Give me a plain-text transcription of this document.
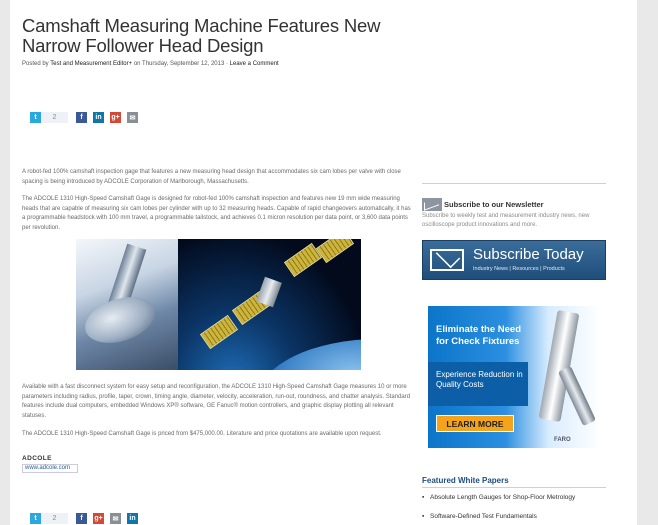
Camshaft Measuring Machine Features New Narrow Follower Head Design
Posted by Test and Measurement Editor+ on Thursday, September 12, 2013 · Leave a Comment
t	2	f	in	g+	✉

A robot-fed 100% camshaft inspection gage that features a new measuring head design that accommodates six cam lobes per valve with close spacing is being introduced by ADCOLE Corporation of Marlborough, Massachusetts.

The ADCOLE 1310 High-Speed Camshaft Gage is designed for robot-fed 100% camshaft inspection and features new 19 mm wide measuring heads that are capable of measuring six cam lobes per cylinder with up to 32 measuring heads. Capable of rapid changeovers automatically, it has a programmable headstock with 100 mm travel, a programmable tailstock, and achieves 0.1 micron resolution per data point, or 3,600 data points per revolution.

Available with a fast disconnect system for easy setup and reconfiguration, the ADCOLE 1310 High-Speed Camshaft Gage measures 10 or more parameters including radius, profile, taper, crown, timing angle, diameter, velocity, acceleration, run-out, roundness, and chatter analysis. Standard features include dual computers, embedded Windows XP® software, GE Fanuc® motion controllers, and graphic display plotting all relevant statuses.

The ADCOLE 1310 High-Speed Camshaft Gage is priced from $475,000.00. Literature and price quotations are available upon request.

ADCOLE
www.adcole.com
t	2	f	g+	✉	in
Subscribe to our Newsletter

Subscribe to weekly test and measurement industry news, new oscilloscope product innovations and more.

Subscribe Today
Industry News | Resources | Products
Eliminate the Need for Check Fixtures
Experience Reduction in Quality Costs
LEARN MORE
FARO
Featured White Papers
▪ Absolute Length Gauges for Shop-Floor Metrology
▪ Software-Defined Test Fundamentals
